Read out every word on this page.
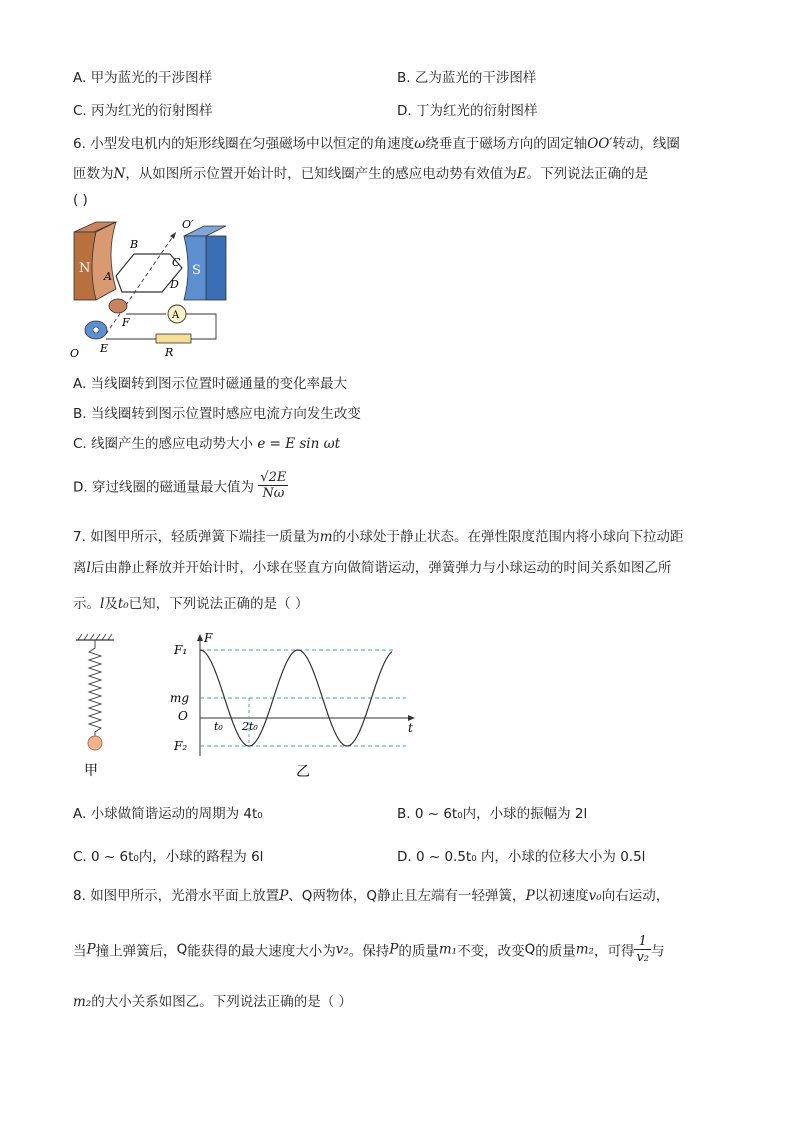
A. 甲为蓝光的干涉图样	B. 乙为蓝光的干涉图样
C. 丙为红光的衍射图样	D. 丁为红光的衍射图样
6. 小型发电机内的矩形线圈在匀强磁场中以恒定的角速度ω绕垂直于磁场方向的固定轴OO′转动，线圈
匝数为N，从如图所示位置开始计时，已知线圈产生的感应电动势有效值为E。下列说法正确的是
( )
N	S
O′
B
C
A
D
F
E
O
A
R
A. 当线圈转到图示位置时磁通量的变化率最大
B. 当线圈转到图示位置时感应电流方向发生改变
C. 线圈产生的感应电动势大小 e = E sin ωt
D. 穿过线圈的磁通量最大值为 $\frac{√2E}{N\omega}$
7. 如图甲所示，轻质弹簧下端挂一质量为m的小球处于静止状态。在弹性限度范围内将小球向下拉动距
离l后由静止释放并开始计时，小球在竖直方向做简谐运动，弹簧弹力与小球运动的时间关系如图乙所
示。l及t₀已知，下列说法正确的是（ ）
甲
F
t
F₁
mg
O
F₂
t₀ 2t₀
乙
A. 小球做简谐运动的周期为 4t₀	B. 0 ~ 6t₀内，小球的振幅为 2l
C. 0 ~ 6t₀内，小球的路程为 6l	D. 0 ~ 0.5t₀ 内，小球的位移大小为 0.5l
8. 如图甲所示，光滑水平面上放置P、Q两物体，Q静止且左端有一轻弹簧，P以初速度v₀向右运动，
当P撞上弹簧后，Q能获得的最大速度大小为v₂。保持P的质量m₁不变，改变Q的质量m₂，可得 $\frac{1}{\text{v₂}}$ 与
m₂的大小关系如图乙。下列说法正确的是（ ）
